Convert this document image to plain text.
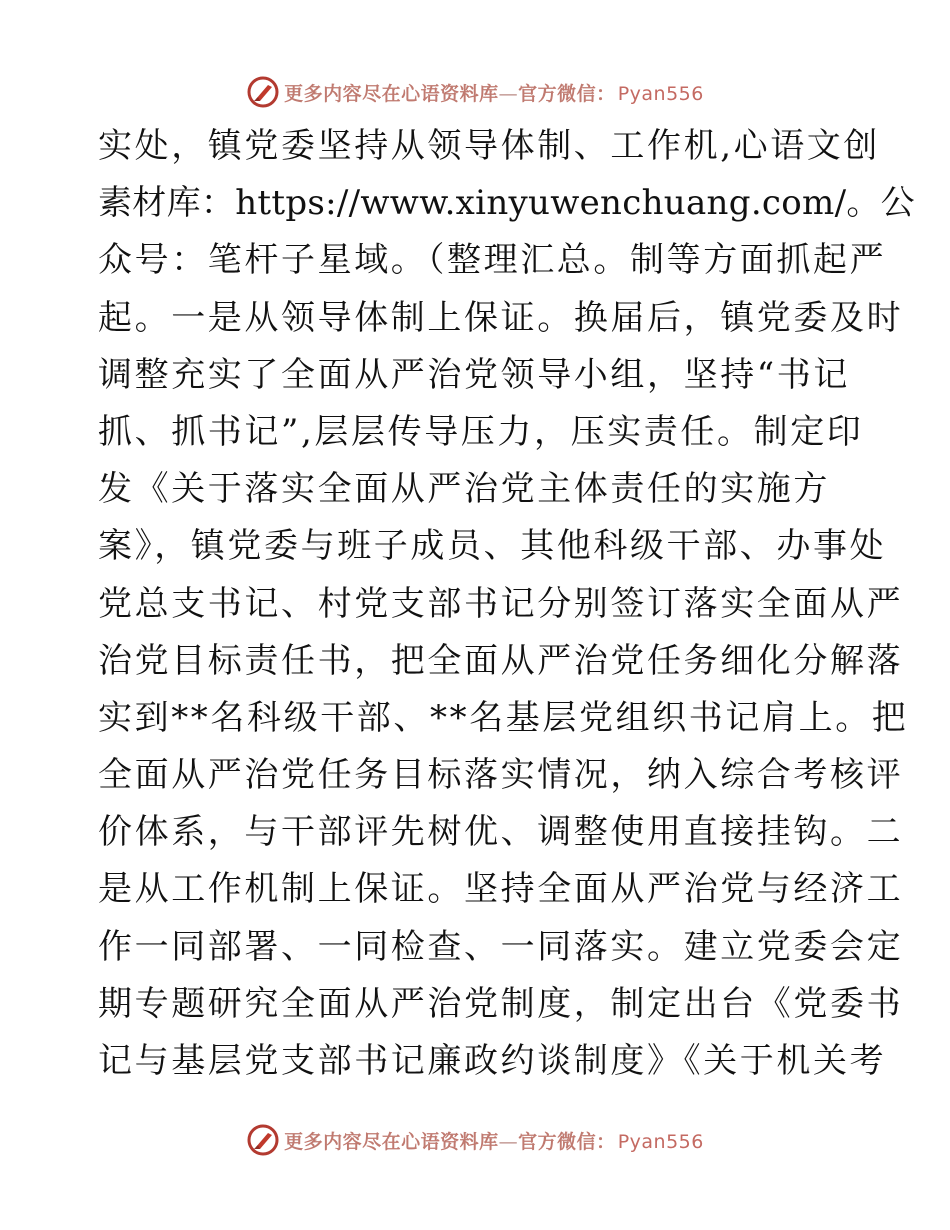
更多内容尽在心语资料库—官方微信： Pyan556
实处，镇党委坚持从领导体制、工作机,心语文创
素材库：https://www.xinyuwenchuang.com/。公
众号：笔杆子星域。（整理汇总。制等方面抓起严
起。一是从领导体制上保证。换届后，镇党委及时
调整充实了全面从严治党领导小组，坚持“书记
抓、抓书记”,层层传导压力，压实责任。制定印
发《关于落实全面从严治党主体责任的实施方
案》，镇党委与班子成员、其他科级干部、办事处
党总支书记、村党支部书记分别签订落实全面从严
治党目标责任书，把全面从严治党任务细化分解落
实到**名科级干部、**名基层党组织书记肩上。把
全面从严治党任务目标落实情况，纳入综合考核评
价体系，与干部评先树优、调整使用直接挂钩。二
是从工作机制上保证。坚持全面从严治党与经济工
作一同部署、一同检查、一同落实。建立党委会定
期专题研究全面从严治党制度，制定出台《党委书
记与基层党支部书记廉政约谈制度》《关于机关考
更多内容尽在心语资料库—官方微信： Pyan556
